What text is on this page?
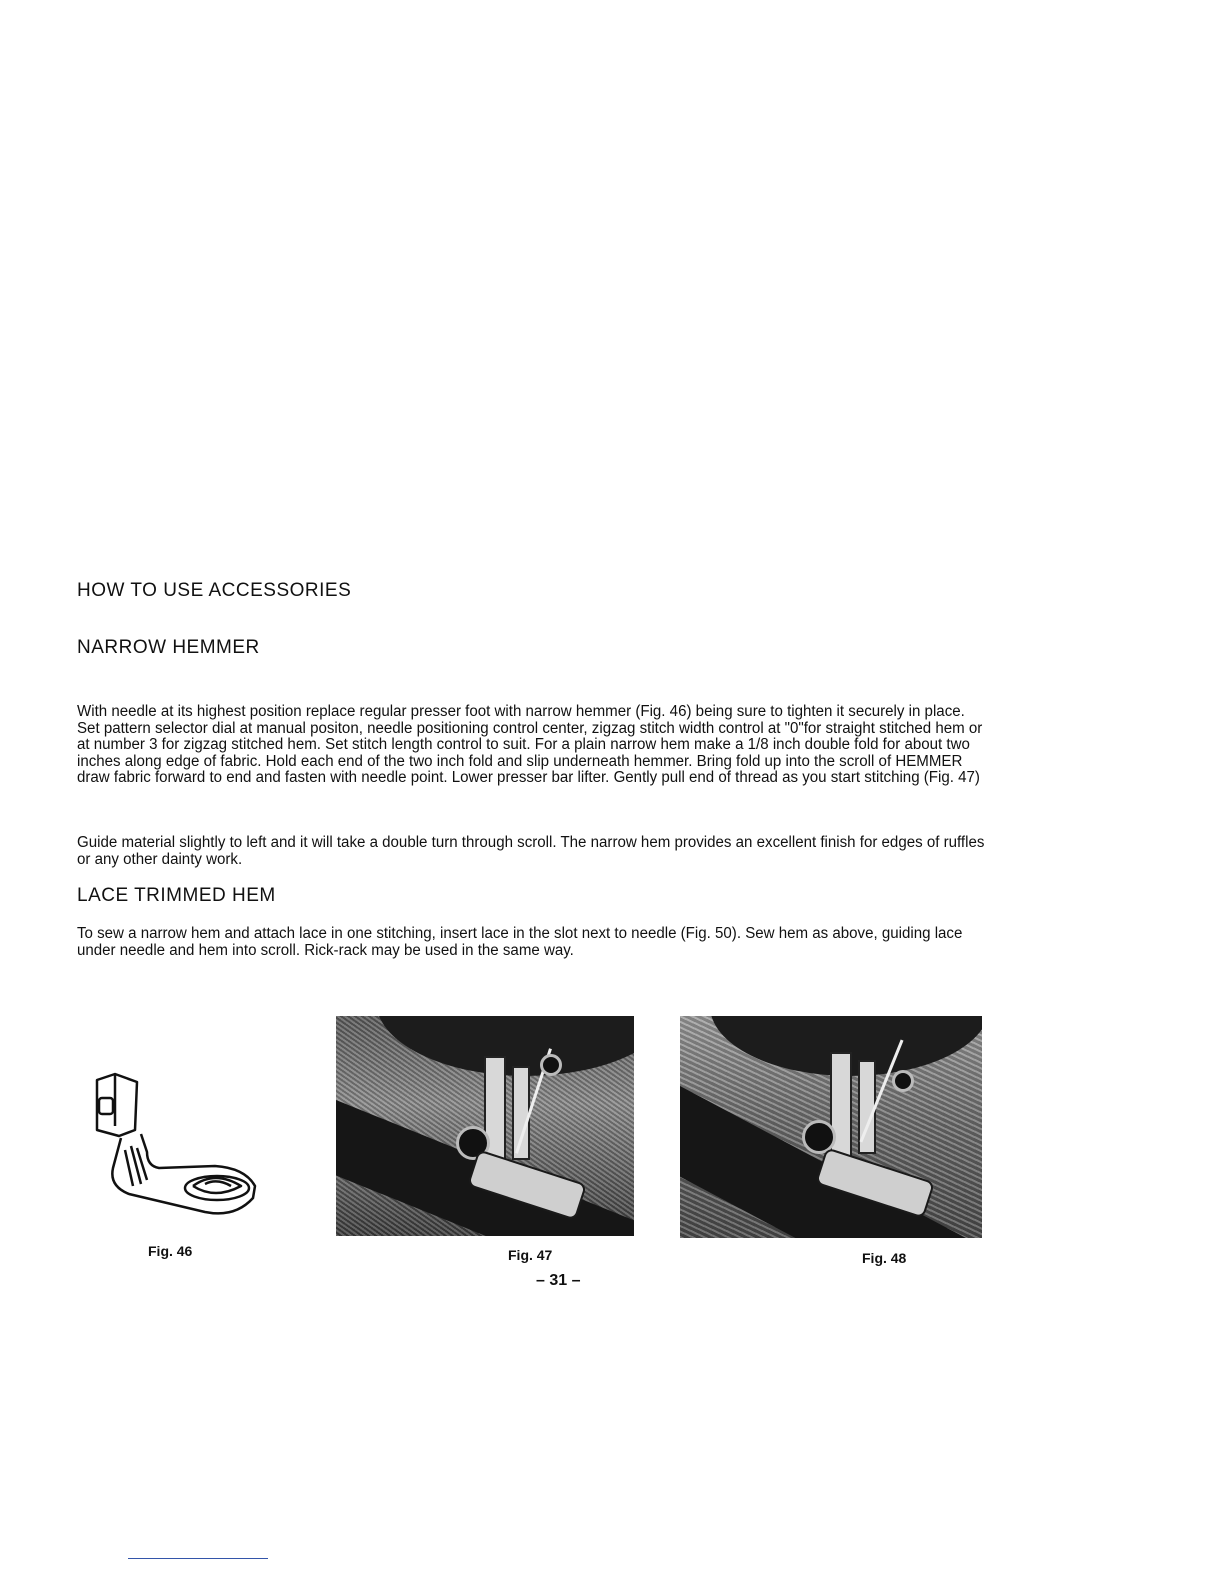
HOW TO USE ACCESSORIES
NARROW HEMMER

With needle at its highest position replace regular presser foot with narrow hemmer (Fig. 46) being sure to tighten it securely in place. Set pattern selector dial at manual positon, needle positioning control center, zigzag stitch width control at "0"for straight stitched hem or at number 3 for zigzag stitched hem. Set stitch length control to suit. For a plain narrow hem make a 1/8 inch double fold for about two inches along edge of fabric. Hold each end of the two inch fold and slip underneath hemmer. Bring fold up into the scroll of HEMMER draw fabric forward to end and fasten with needle point. Lower presser bar lifter. Gently pull end of thread as you start stitching (Fig. 47)

Guide material slightly to left and it will take a double turn through scroll. The narrow hem provides an excellent finish for edges of ruffles or any other dainty work.

LACE TRIMMED HEM

To sew a narrow hem and attach lace in one stitching, insert lace in the slot next to needle (Fig. 50). Sew hem as above, guiding lace under needle and hem into scroll. Rick-rack may be used in the same way.

Fig. 46	Fig. 47	Fig. 48
– 31 –
